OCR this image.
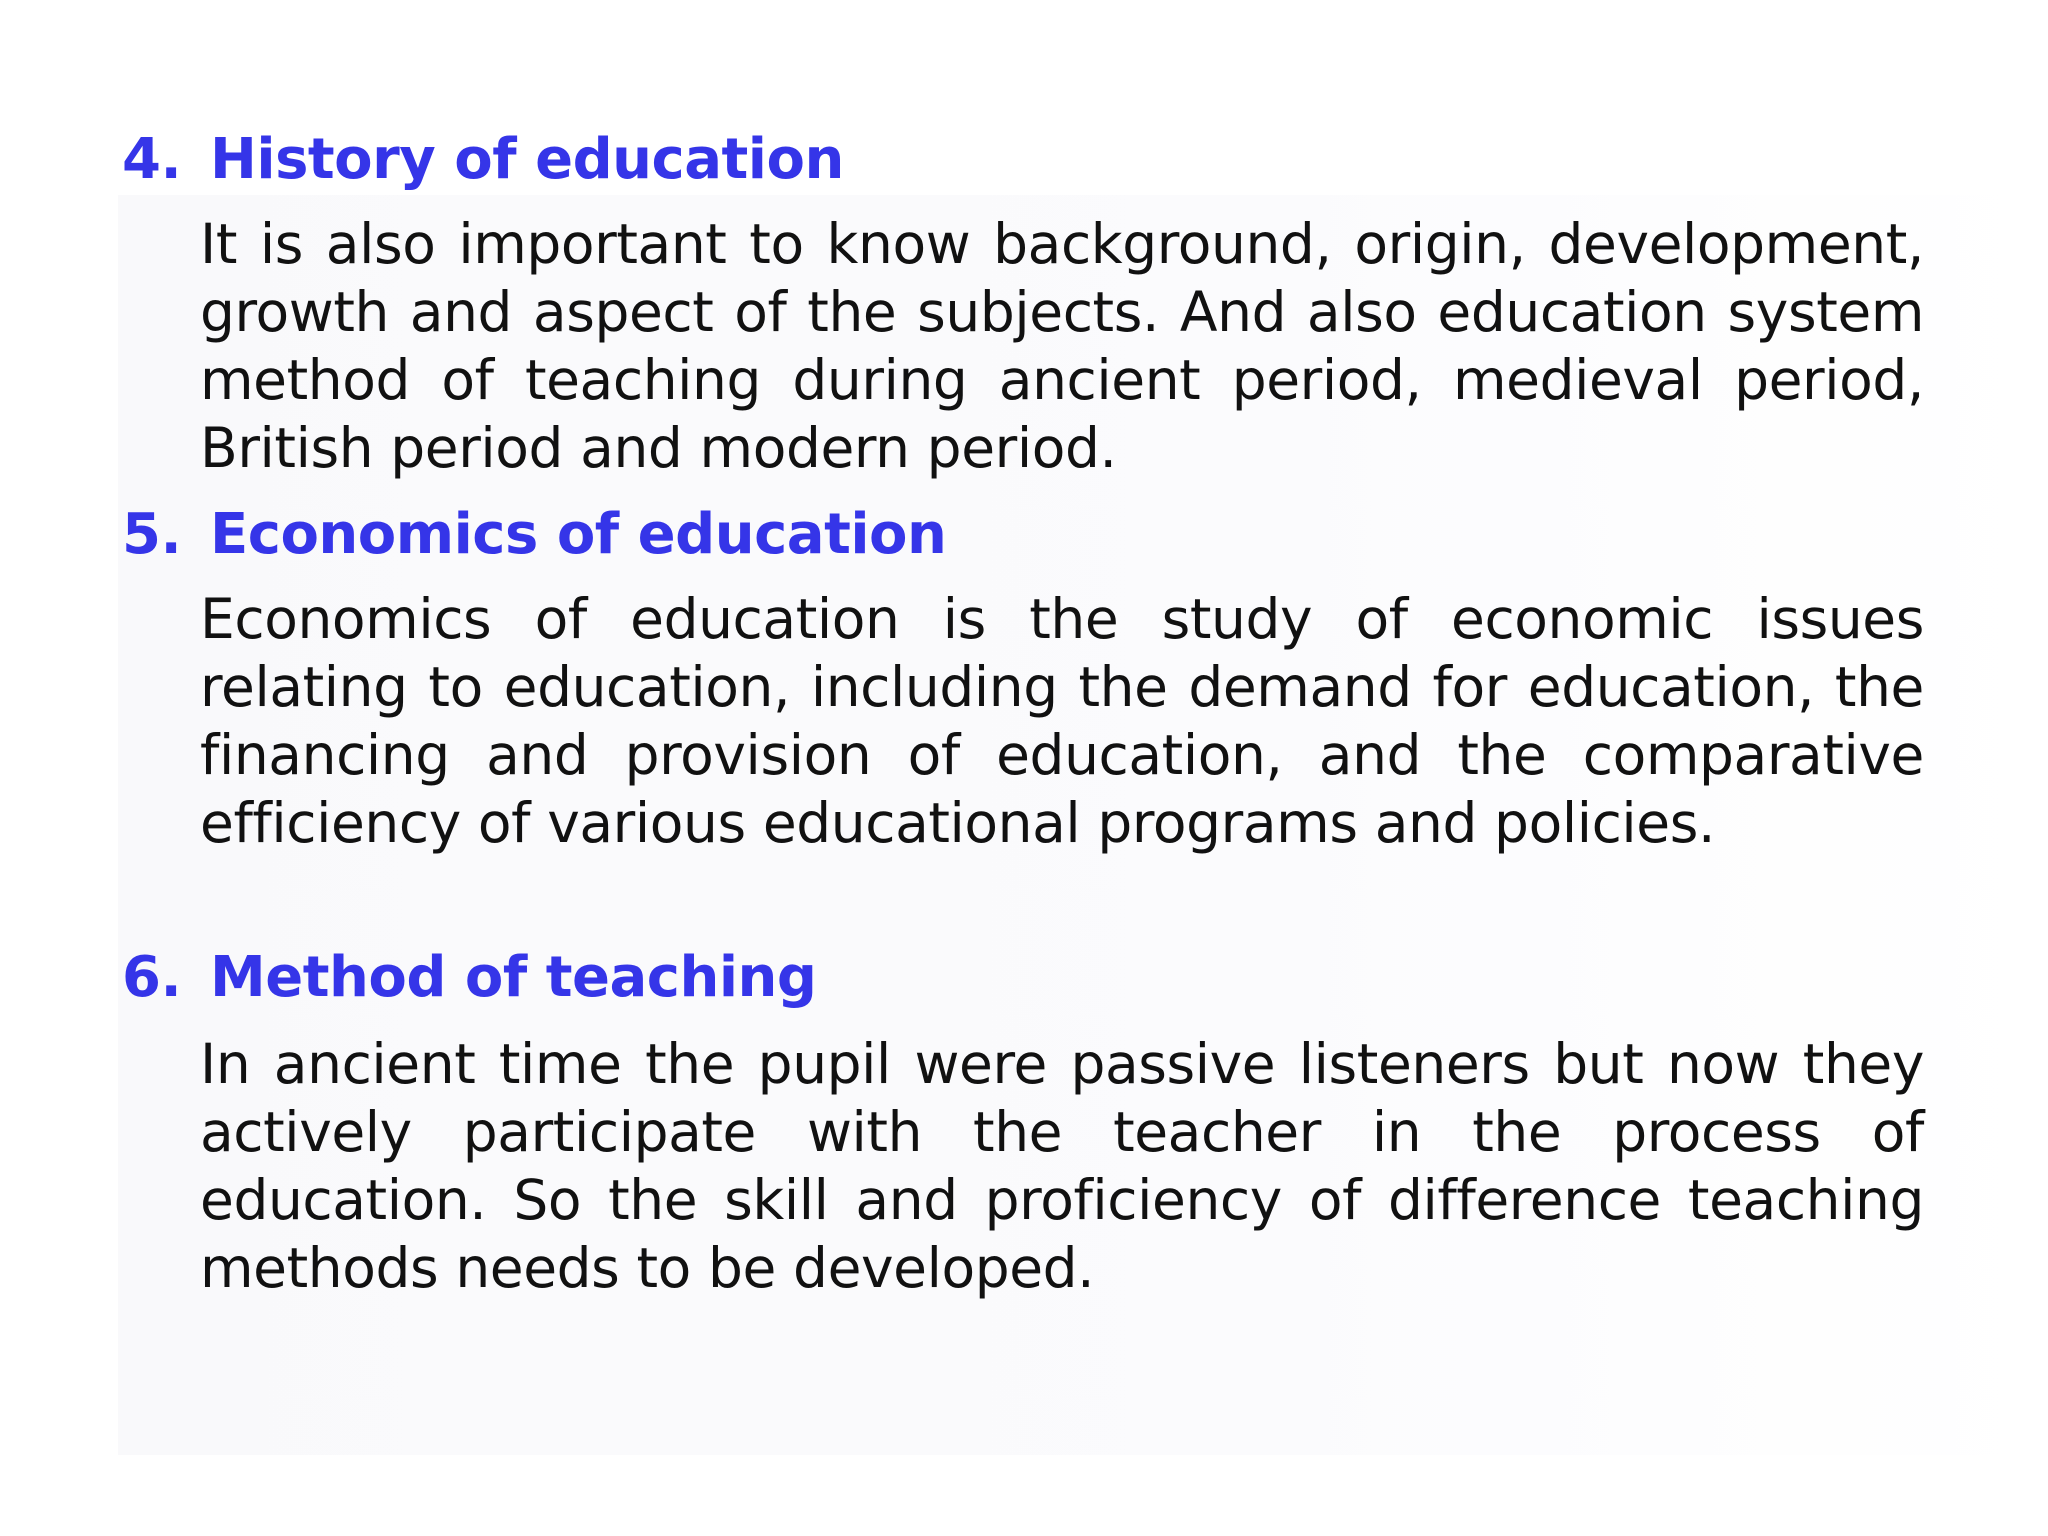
4. History of education

It is also important to know background, origin, development, growth and aspect of the subjects. And also education system method of teaching during ancient period, medieval period, British period and modern period.

5. Economics of education

Economics of education is the study of economic issues relating to education, including the demand for education, the financing and provision of education, and the comparative efficiency of various educational programs and policies.

6. Method of teaching

In ancient time the pupil were passive listeners but now they actively participate with the teacher in the process of education. So the skill and proficiency of difference teaching methods needs to be developed.
